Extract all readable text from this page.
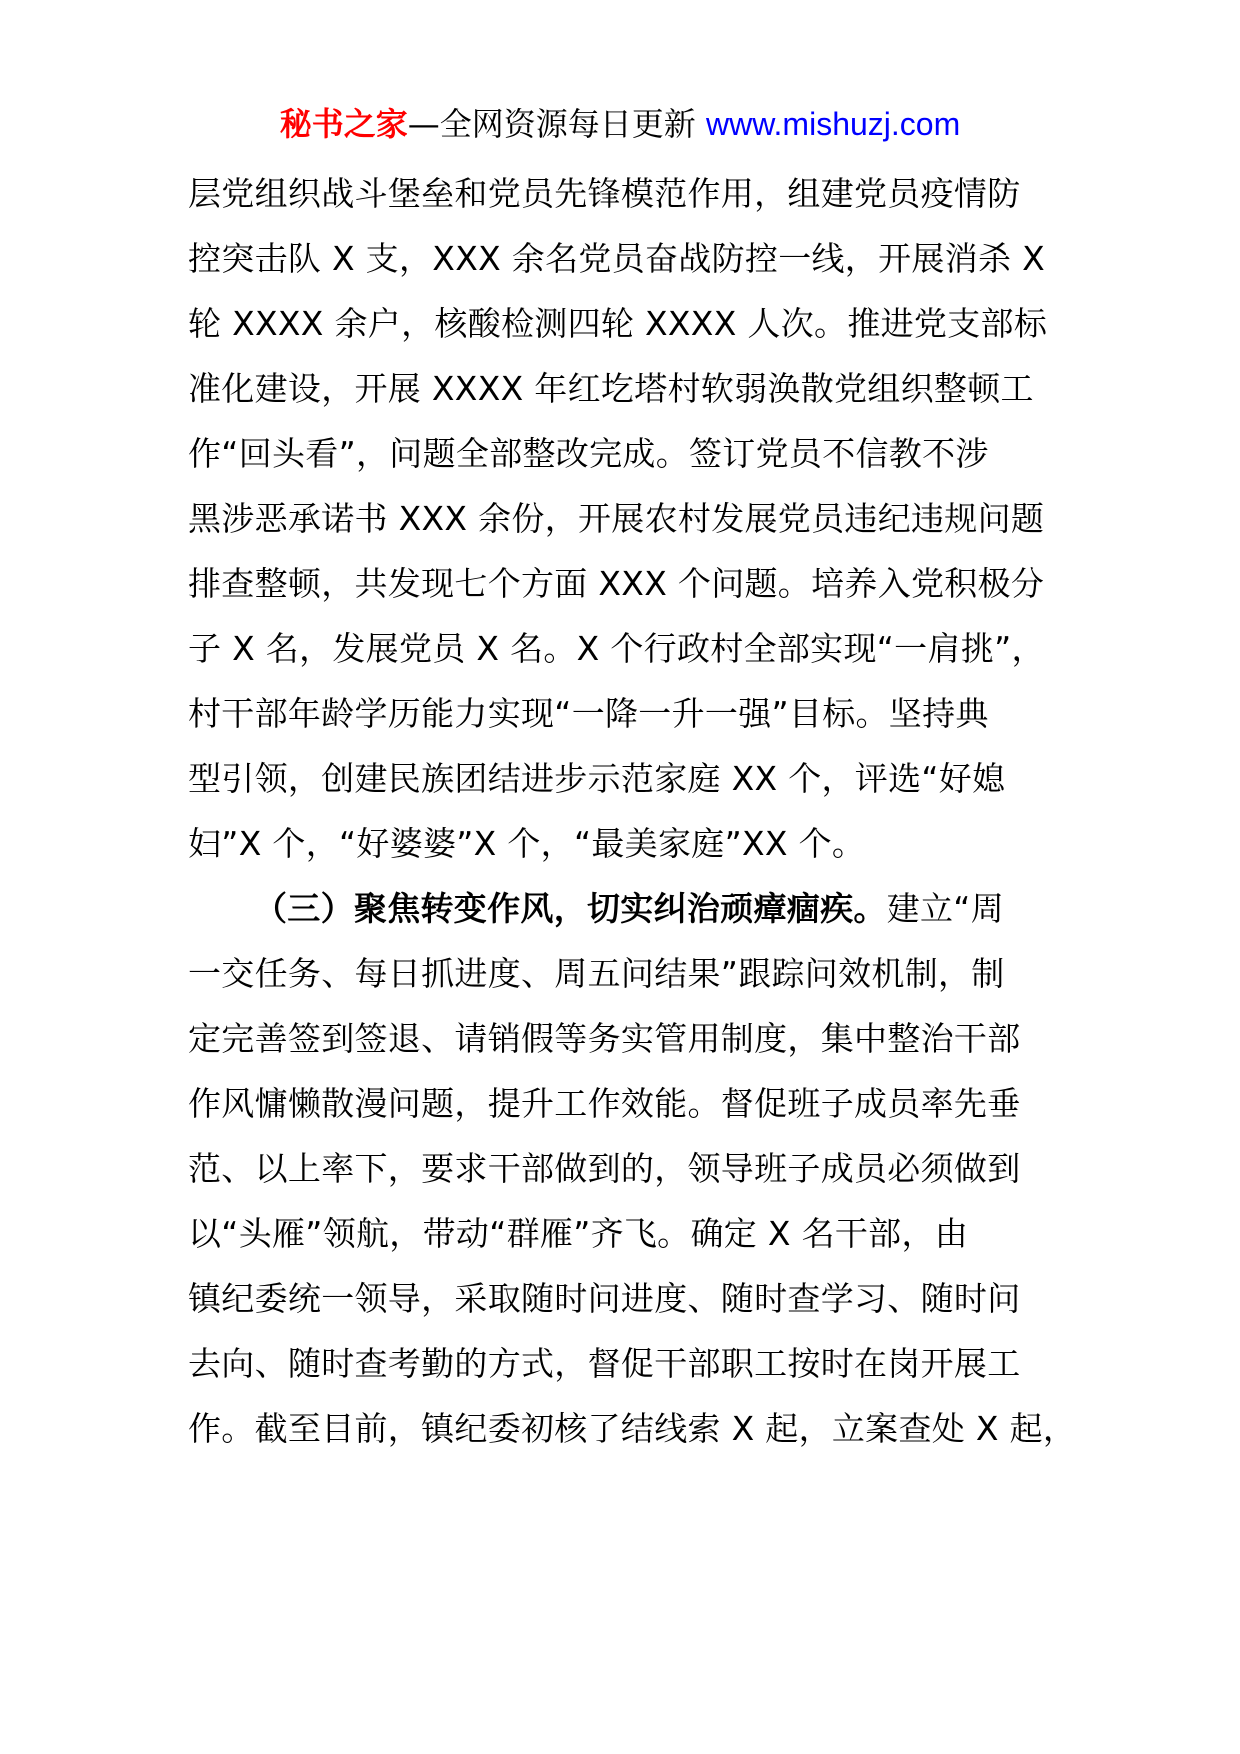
秘书之家—全网资源每日更新 www.mishuzj.com
层党组织战斗堡垒和党员先锋模范作用，组建党员疫情防
控突击队 X 支，XXX 余名党员奋战防控一线，开展消杀 X
轮 XXXX 余户，核酸检测四轮 XXXX 人次。推进党支部标
准化建设，开展 XXXX 年红圪塔村软弱涣散党组织整顿工
作“回头看”，问题全部整改完成。签订党员不信教不涉
黑涉恶承诺书 XXX 余份，开展农村发展党员违纪违规问题
排查整顿，共发现七个方面 XXX 个问题。培养入党积极分
子 X 名，发展党员 X 名。X 个行政村全部实现“一肩挑”，
村干部年龄学历能力实现“一降一升一强”目标。坚持典
型引领，创建民族团结进步示范家庭 XX 个，评选“好媳
妇”X 个，“好婆婆”X 个，“最美家庭”XX 个。
（三）聚焦转变作风，切实纠治顽瘴痼疾。建立“周
一交任务、每日抓进度、周五问结果”跟踪问效机制，制
定完善签到签退、请销假等务实管用制度，集中整治干部
作风慵懒散漫问题，提升工作效能。督促班子成员率先垂
范、以上率下，要求干部做到的，领导班子成员必须做到
以“头雁”领航，带动“群雁”齐飞。确定 X 名干部，由
镇纪委统一领导，采取随时问进度、随时查学习、随时问
去向、随时查考勤的方式，督促干部职工按时在岗开展工
作。截至目前，镇纪委初核了结线索 X 起，立案查处 X 起，
